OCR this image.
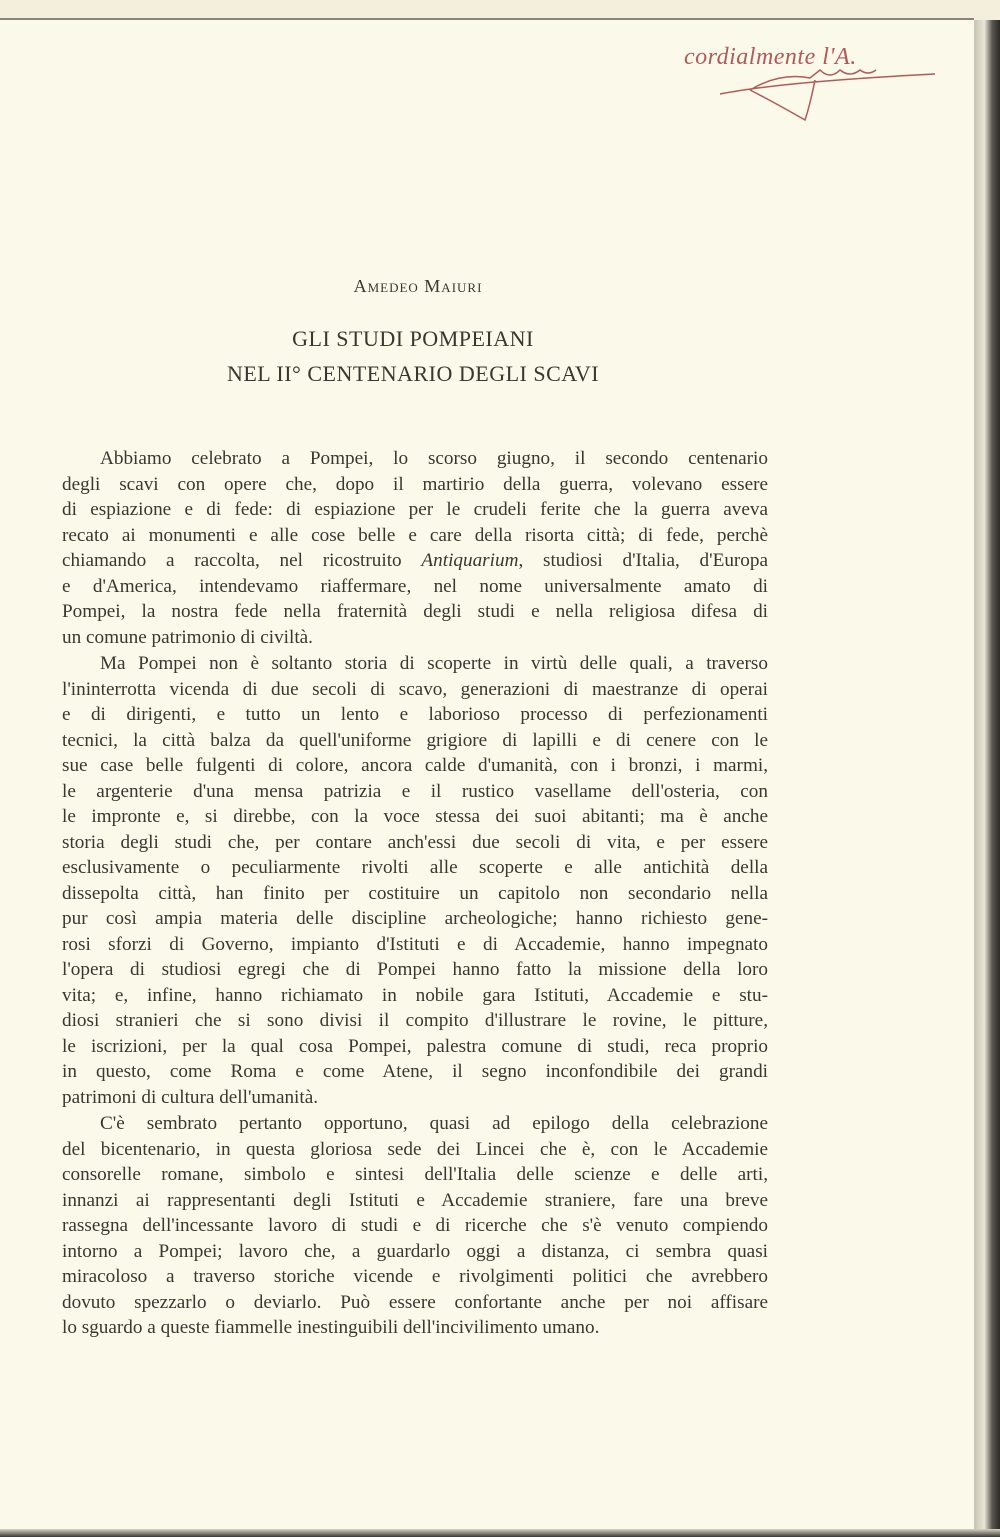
cordialmente l'A.
Amedeo Maiuri
GLI STUDI POMPEIANI
NEL II° CENTENARIO DEGLI SCAVI
Abbiamo celebrato a Pompei, lo scorso giugno, il secondo centenario
degli scavi con opere che, dopo il martirio della guerra, volevano essere
di espiazione e di fede: di espiazione per le crudeli ferite che la guerra aveva
recato ai monumenti e alle cose belle e care della risorta città; di fede, perchè
chiamando a raccolta, nel ricostruito Antiquarium, studiosi d'Italia, d'Europa
e d'America, intendevamo riaffermare, nel nome universalmente amato di
Pompei, la nostra fede nella fraternità degli studi e nella religiosa difesa di
un comune patrimonio di civiltà.
Ma Pompei non è soltanto storia di scoperte in virtù delle quali, a traverso
l'ininterrotta vicenda di due secoli di scavo, generazioni di maestranze di operai
e di dirigenti, e tutto un lento e laborioso processo di perfezionamenti
tecnici, la città balza da quell'uniforme grigiore di lapilli e di cenere con le
sue case belle fulgenti di colore, ancora calde d'umanità, con i bronzi, i marmi,
le argenterie d'una mensa patrizia e il rustico vasellame dell'osteria, con
le impronte e, si direbbe, con la voce stessa dei suoi abitanti; ma è anche
storia degli studi che, per contare anch'essi due secoli di vita, e per essere
esclusivamente o peculiarmente rivolti alle scoperte e alle antichità della
dissepolta città, han finito per costituire un capitolo non secondario nella
pur così ampia materia delle discipline archeologiche; hanno richiesto gene-
rosi sforzi di Governo, impianto d'Istituti e di Accademie, hanno impegnato
l'opera di studiosi egregi che di Pompei hanno fatto la missione della loro
vita; e, infine, hanno richiamato in nobile gara Istituti, Accademie e stu-
diosi stranieri che si sono divisi il compito d'illustrare le rovine, le pitture,
le iscrizioni, per la qual cosa Pompei, palestra comune di studi, reca proprio
in questo, come Roma e come Atene, il segno inconfondibile dei grandi
patrimoni di cultura dell'umanità.
C'è sembrato pertanto opportuno, quasi ad epilogo della celebrazione
del bicentenario, in questa gloriosa sede dei Lincei che è, con le Accademie
consorelle romane, simbolo e sintesi dell'Italia delle scienze e delle arti,
innanzi ai rappresentanti degli Istituti e Accademie straniere, fare una breve
rassegna dell'incessante lavoro di studi e di ricerche che s'è venuto compiendo
intorno a Pompei; lavoro che, a guardarlo oggi a distanza, ci sembra quasi
miracoloso a traverso storiche vicende e rivolgimenti politici che avrebbero
dovuto spezzarlo o deviarlo. Può essere confortante anche per noi affisare
lo sguardo a queste fiammelle inestinguibili dell'incivilimento umano.
